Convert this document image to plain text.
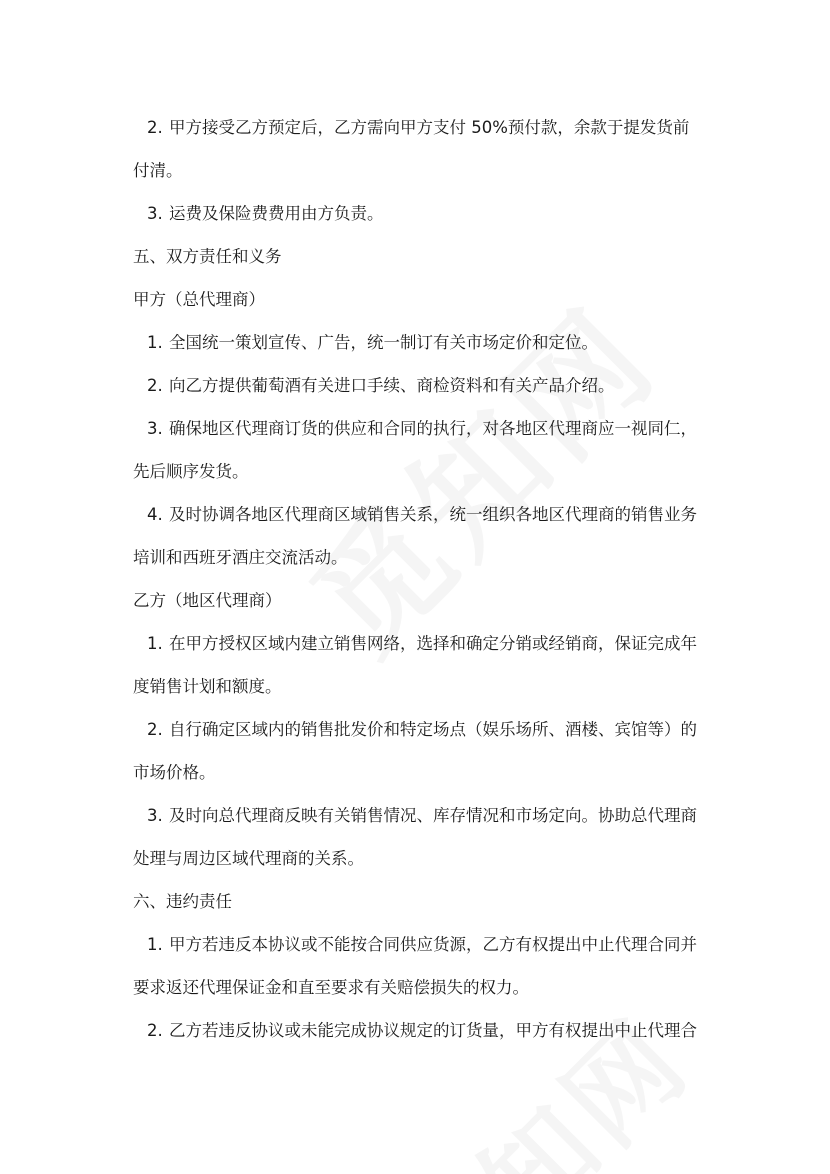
2. 甲方接受乙方预定后，乙方需向甲方支付 50%预付款，余款于提发货前
付清。
3. 运费及保险费费用由方负责。
五、双方责任和义务
甲方（总代理商）
1. 全国统一策划宣传、广告，统一制订有关市场定价和定位。
2. 向乙方提供葡萄酒有关进口手续、商检资料和有关产品介绍。
3. 确保地区代理商订货的供应和合同的执行，对各地区代理商应一视同仁，
先后顺序发货。
4. 及时协调各地区代理商区域销售关系，统一组织各地区代理商的销售业务
培训和西班牙酒庄交流活动。
乙方（地区代理商）
1. 在甲方授权区域内建立销售网络，选择和确定分销或经销商，保证完成年
度销售计划和额度。
2. 自行确定区域内的销售批发价和特定场点（娱乐场所、酒楼、宾馆等）的
市场价格。
3. 及时向总代理商反映有关销售情况、库存情况和市场定向。协助总代理商
处理与周边区域代理商的关系。
六、违约责任
1. 甲方若违反本协议或不能按合同供应货源，乙方有权提出中止代理合同并
要求返还代理保证金和直至要求有关赔偿损失的权力。
2. 乙方若违反协议或未能完成协议规定的订货量，甲方有权提出中止代理合
